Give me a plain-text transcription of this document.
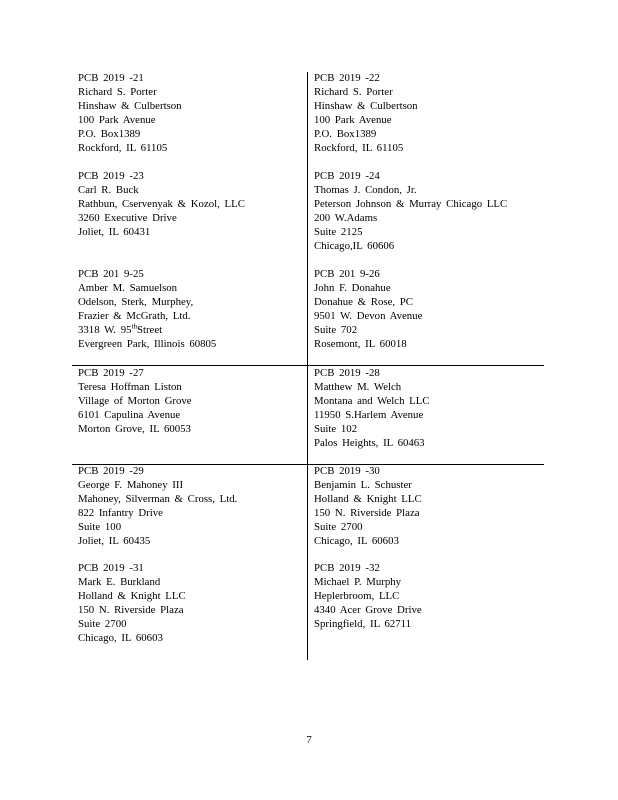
PCB 2019 -21
Richard S. Porter
Hinshaw & Culbertson
100 Park Avenue
P.O. Box1389
Rockford, IL 61105
PCB 2019 -22
Richard S. Porter
Hinshaw & Culbertson
100 Park Avenue
P.O. Box1389
Rockford, IL 61105
PCB 2019 -23
Carl R. Buck
Rathbun, Cservenyak & Kozol, LLC
3260 Executive Drive
Joliet, IL 60431
PCB 2019 -24
Thomas J. Condon, Jr.
Peterson Johnson & Murray Chicago LLC
200 W.Adams
Suite 2125
Chicago,IL 60606
PCB 201 9-25
Amber M. Samuelson
Odelson, Sterk, Murphey,
Frazier & McGrath, Ltd.
3318 W. 95thStreet
Evergreen Park, Illinois 60805
PCB 201 9-26
John F. Donahue
Donahue & Rose, PC
9501 W. Devon Avenue
Suite 702
Rosemont, IL 60018
PCB 2019 -27
Teresa Hoffman Liston
Village of Morton Grove
6101 Capulina Avenue
Morton Grove, IL 60053
PCB 2019 -28
Matthew M. Welch
Montana and Welch LLC
11950 S.Harlem Avenue
Suite 102
Palos Heights, IL 60463
PCB 2019 -29
George F. Mahoney III
Mahoney, Silverman & Cross, Ltd.
822 Infantry Drive
Suite 100
Joliet, IL 60435
PCB 2019 -30
Benjamin L. Schuster
Holland & Knight LLC
150 N. Riverside Plaza
Suite 2700
Chicago, IL 60603
PCB 2019 -31
Mark E. Burkland
Holland & Knight LLC
150 N. Riverside Plaza
Suite 2700
Chicago, IL 60603
PCB 2019 -32
Michael P. Murphy
Heplerbroom, LLC
4340 Acer Grove Drive
Springfield, IL 62711
7
